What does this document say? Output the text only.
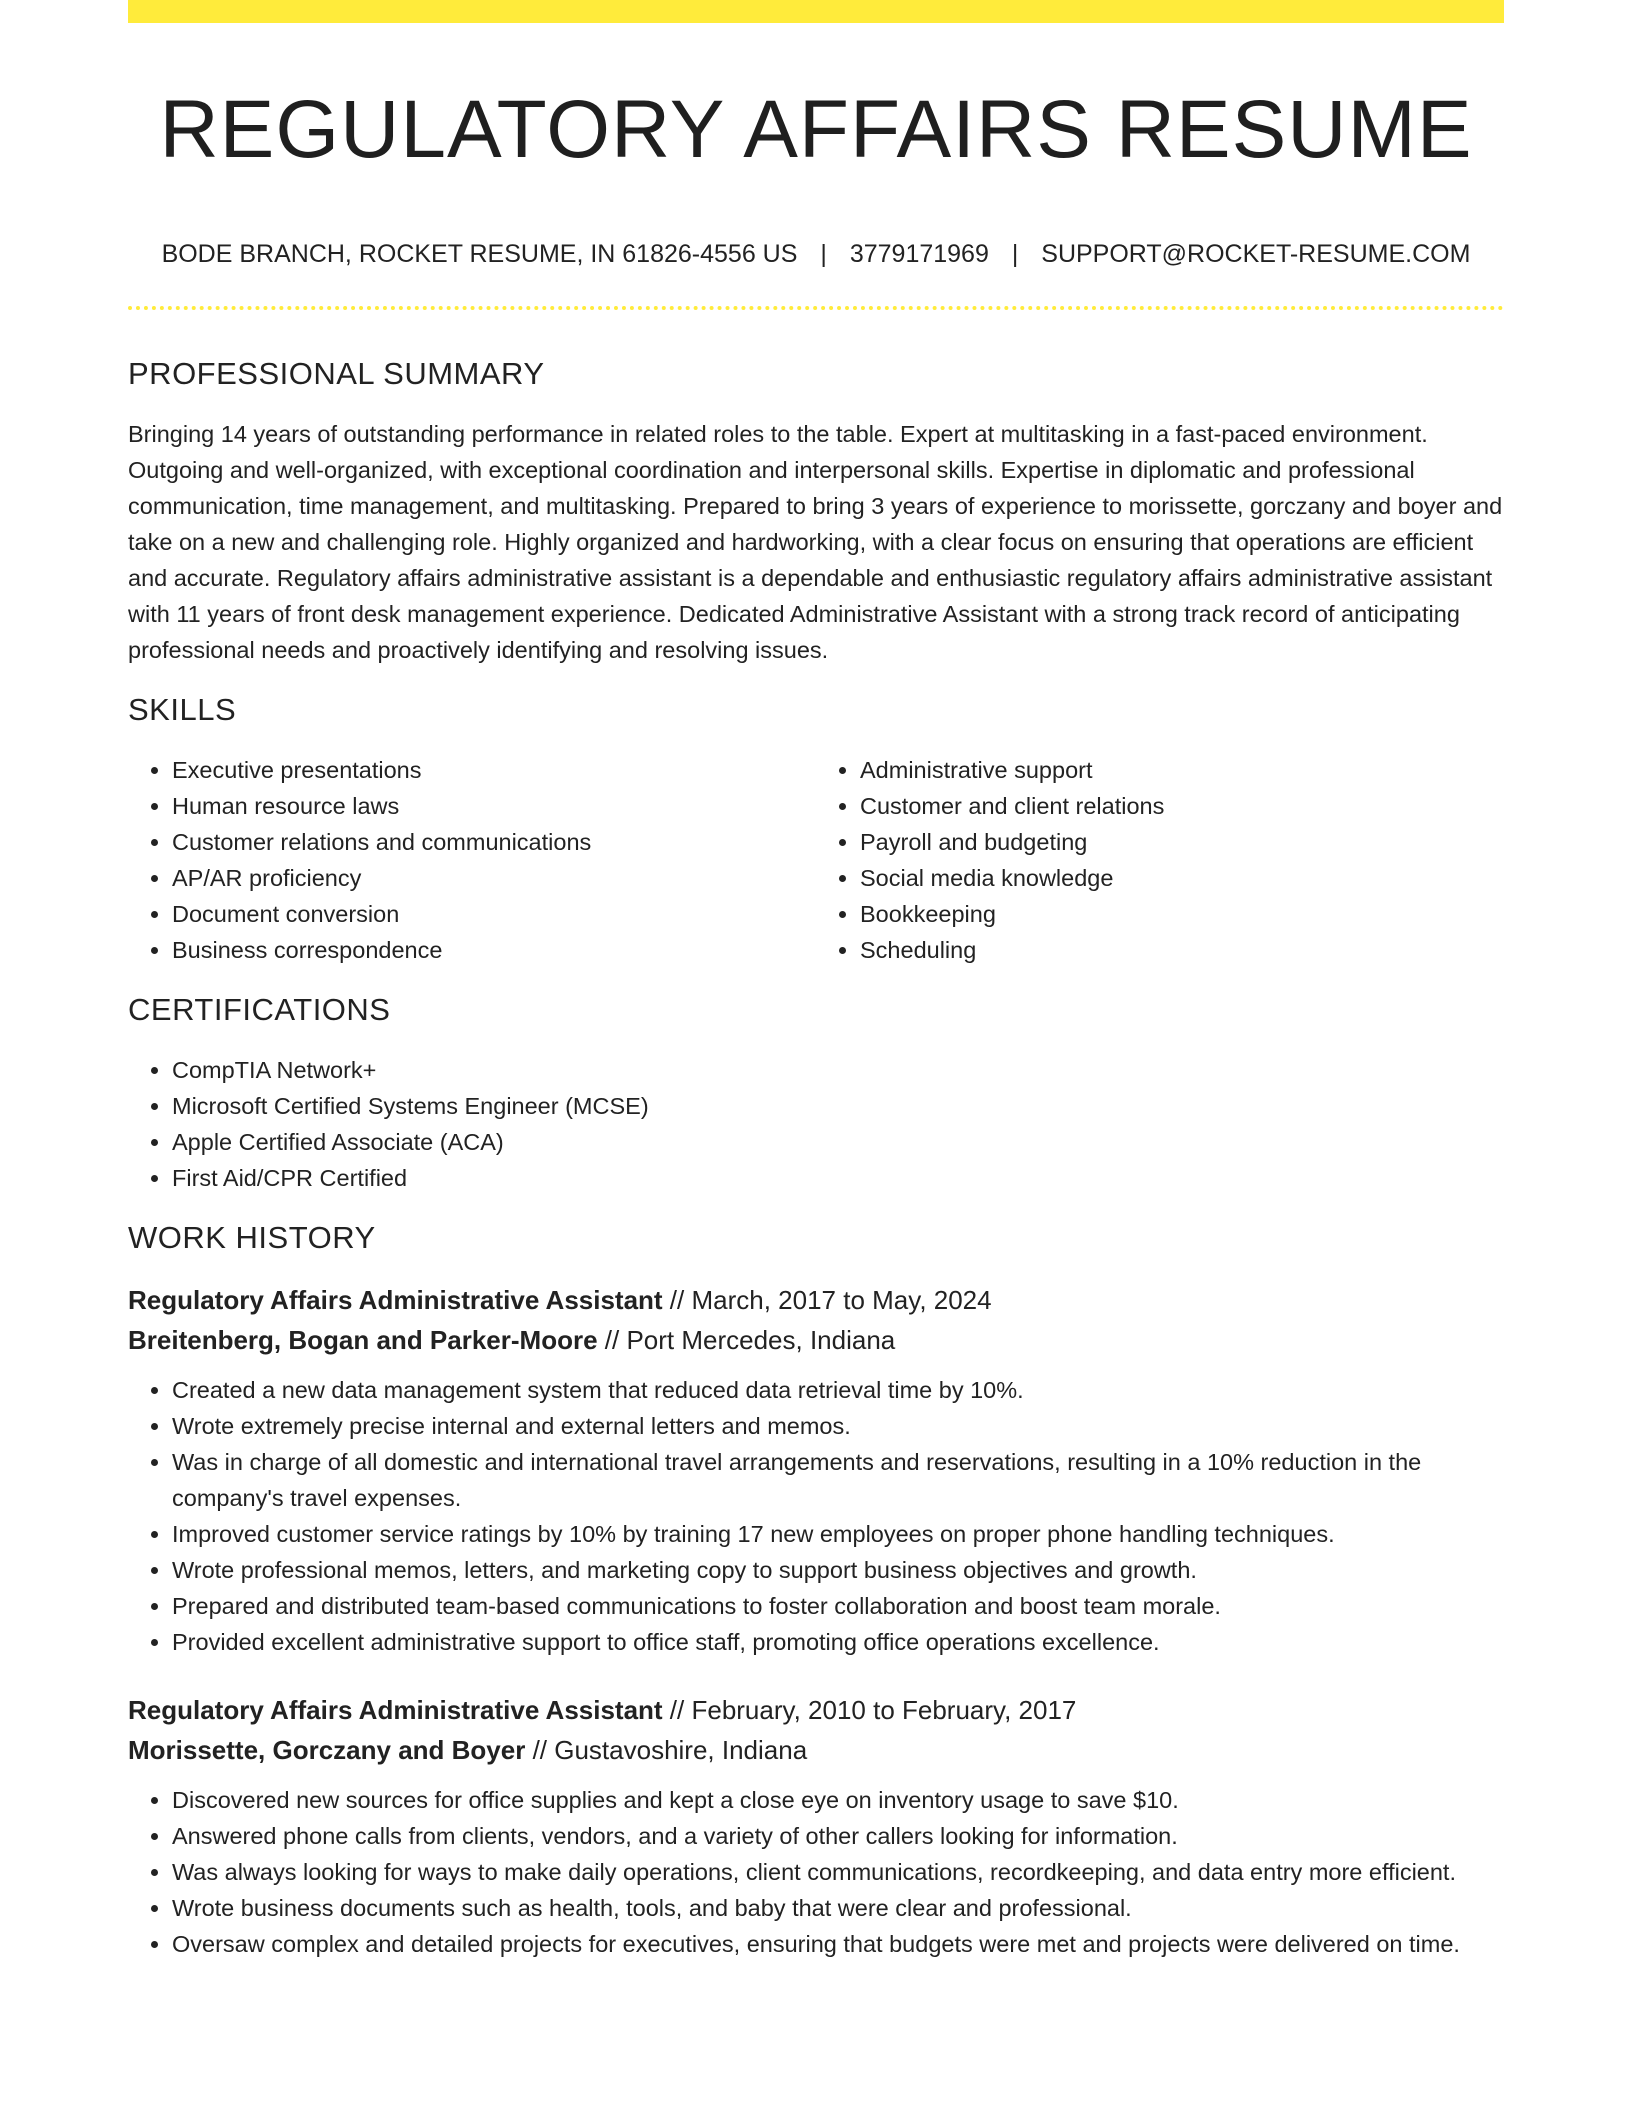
REGULATORY AFFAIRS RESUME
BODE BRANCH, ROCKET RESUME, IN 61826-4556 US | 3779171969 | SUPPORT@ROCKET-RESUME.COM
PROFESSIONAL SUMMARY

Bringing 14 years of outstanding performance in related roles to the table. Expert at multitasking in a fast-paced environment. Outgoing and well-organized, with exceptional coordination and interpersonal skills. Expertise in diplomatic and professional communication, time management, and multitasking. Prepared to bring 3 years of experience to morissette, gorczany and boyer and take on a new and challenging role. Highly organized and hardworking, with a clear focus on ensuring that operations are efficient and accurate. Regulatory affairs administrative assistant is a dependable and enthusiastic regulatory affairs administrative assistant with 11 years of front desk management experience. Dedicated Administrative Assistant with a strong track record of anticipating professional needs and proactively identifying and resolving issues.

SKILLS
• Executive presentations
• Human resource laws
• Customer relations and communications
• AP/AR proficiency
• Document conversion
• Business correspondence
• Administrative support
• Customer and client relations
• Payroll and budgeting
• Social media knowledge
• Bookkeeping
• Scheduling
CERTIFICATIONS
• CompTIA Network+
• Microsoft Certified Systems Engineer (MCSE)
• Apple Certified Associate (ACA)
• First Aid/CPR Certified
WORK HISTORY

Regulatory Affairs Administrative Assistant // March, 2017 to May, 2024

Breitenberg, Bogan and Parker-Moore // Port Mercedes, Indiana

• Created a new data management system that reduced data retrieval time by 10%.
• Wrote extremely precise internal and external letters and memos.
• Was in charge of all domestic and international travel arrangements and reservations, resulting in a 10% reduction in the company's travel expenses.
• Improved customer service ratings by 10% by training 17 new employees on proper phone handling techniques.
• Wrote professional memos, letters, and marketing copy to support business objectives and growth.
• Prepared and distributed team-based communications to foster collaboration and boost team morale.
• Provided excellent administrative support to office staff, promoting office operations excellence.

Regulatory Affairs Administrative Assistant // February, 2010 to February, 2017

Morissette, Gorczany and Boyer // Gustavoshire, Indiana

• Discovered new sources for office supplies and kept a close eye on inventory usage to save $10.
• Answered phone calls from clients, vendors, and a variety of other callers looking for information.
• Was always looking for ways to make daily operations, client communications, recordkeeping, and data entry more efficient.
• Wrote business documents such as health, tools, and baby that were clear and professional.
• Oversaw complex and detailed projects for executives, ensuring that budgets were met and projects were delivered on time.
